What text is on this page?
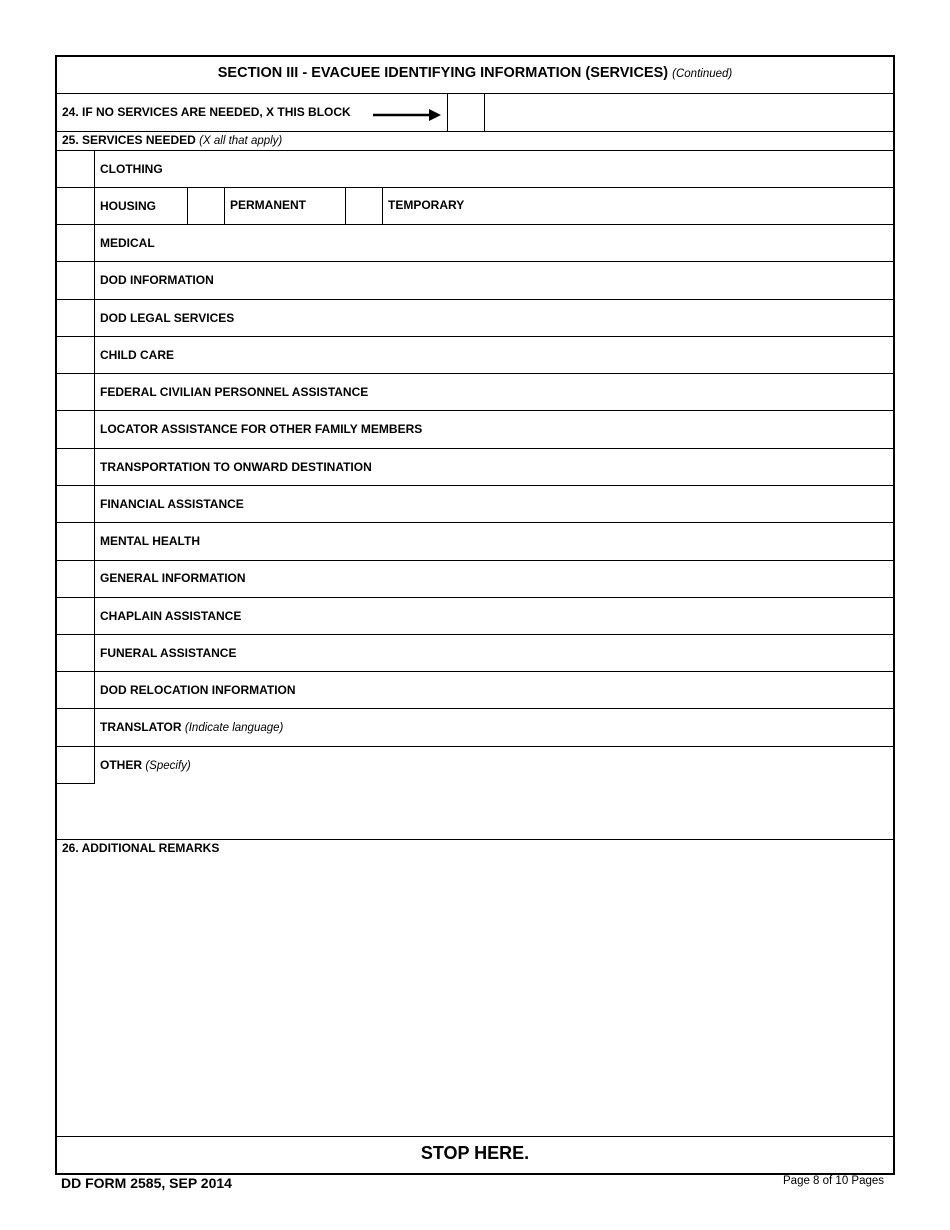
SECTION III - EVACUEE IDENTIFYING INFORMATION (SERVICES) (Continued)
24. IF NO SERVICES ARE NEEDED, X THIS BLOCK
25. SERVICES NEEDED (X all that apply)
CLOTHING
HOUSING	PERMANENT	TEMPORARY
MEDICAL
DOD INFORMATION
DOD LEGAL SERVICES
CHILD CARE
FEDERAL CIVILIAN PERSONNEL ASSISTANCE
LOCATOR ASSISTANCE FOR OTHER FAMILY MEMBERS
TRANSPORTATION TO ONWARD DESTINATION
FINANCIAL ASSISTANCE
MENTAL HEALTH
GENERAL INFORMATION
CHAPLAIN ASSISTANCE
FUNERAL ASSISTANCE
DOD RELOCATION INFORMATION
TRANSLATOR (Indicate language)
OTHER (Specify)
26. ADDITIONAL REMARKS
STOP HERE.
DD FORM 2585, SEP 2014	Page 8 of 10 Pages
